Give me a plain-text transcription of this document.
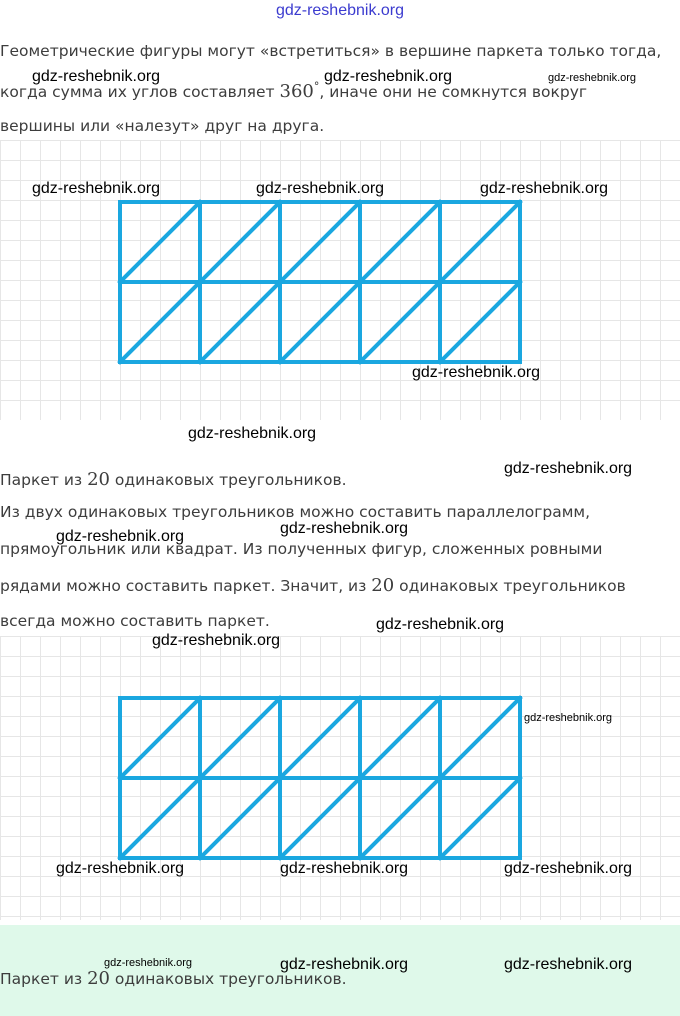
gdz-reshebnik.org

Геометрические фигуры могут «встретиться» в вершине паркета только тогда,

когда сумма их углов составляет 360°, иначе они не сомкнутся вокруг

вершины или «налезут» друг на друга.

Паркет из 20 одинаковых треугольников.

Из двух одинаковых треугольников можно составить параллелограмм,

прямоугольник или квадрат. Из полученных фигур, сложенных ровными

рядами можно составить паркет. Значит, из 20 одинаковых треугольников

всегда можно составить паркет.

Паркет из 20 одинаковых треугольников.

gdz-reshebnik.org	gdz-reshebnik.org	gdz-reshebnik.org
gdz-reshebnik.org	gdz-reshebnik.org	gdz-reshebnik.org
gdz-reshebnik.org
gdz-reshebnik.org
gdz-reshebnik.org
gdz-reshebnik.org
gdz-reshebnik.org
gdz-reshebnik.org
gdz-reshebnik.org
gdz-reshebnik.org
gdz-reshebnik.org	gdz-reshebnik.org	gdz-reshebnik.org
gdz-reshebnik.org	gdz-reshebnik.org	gdz-reshebnik.org
